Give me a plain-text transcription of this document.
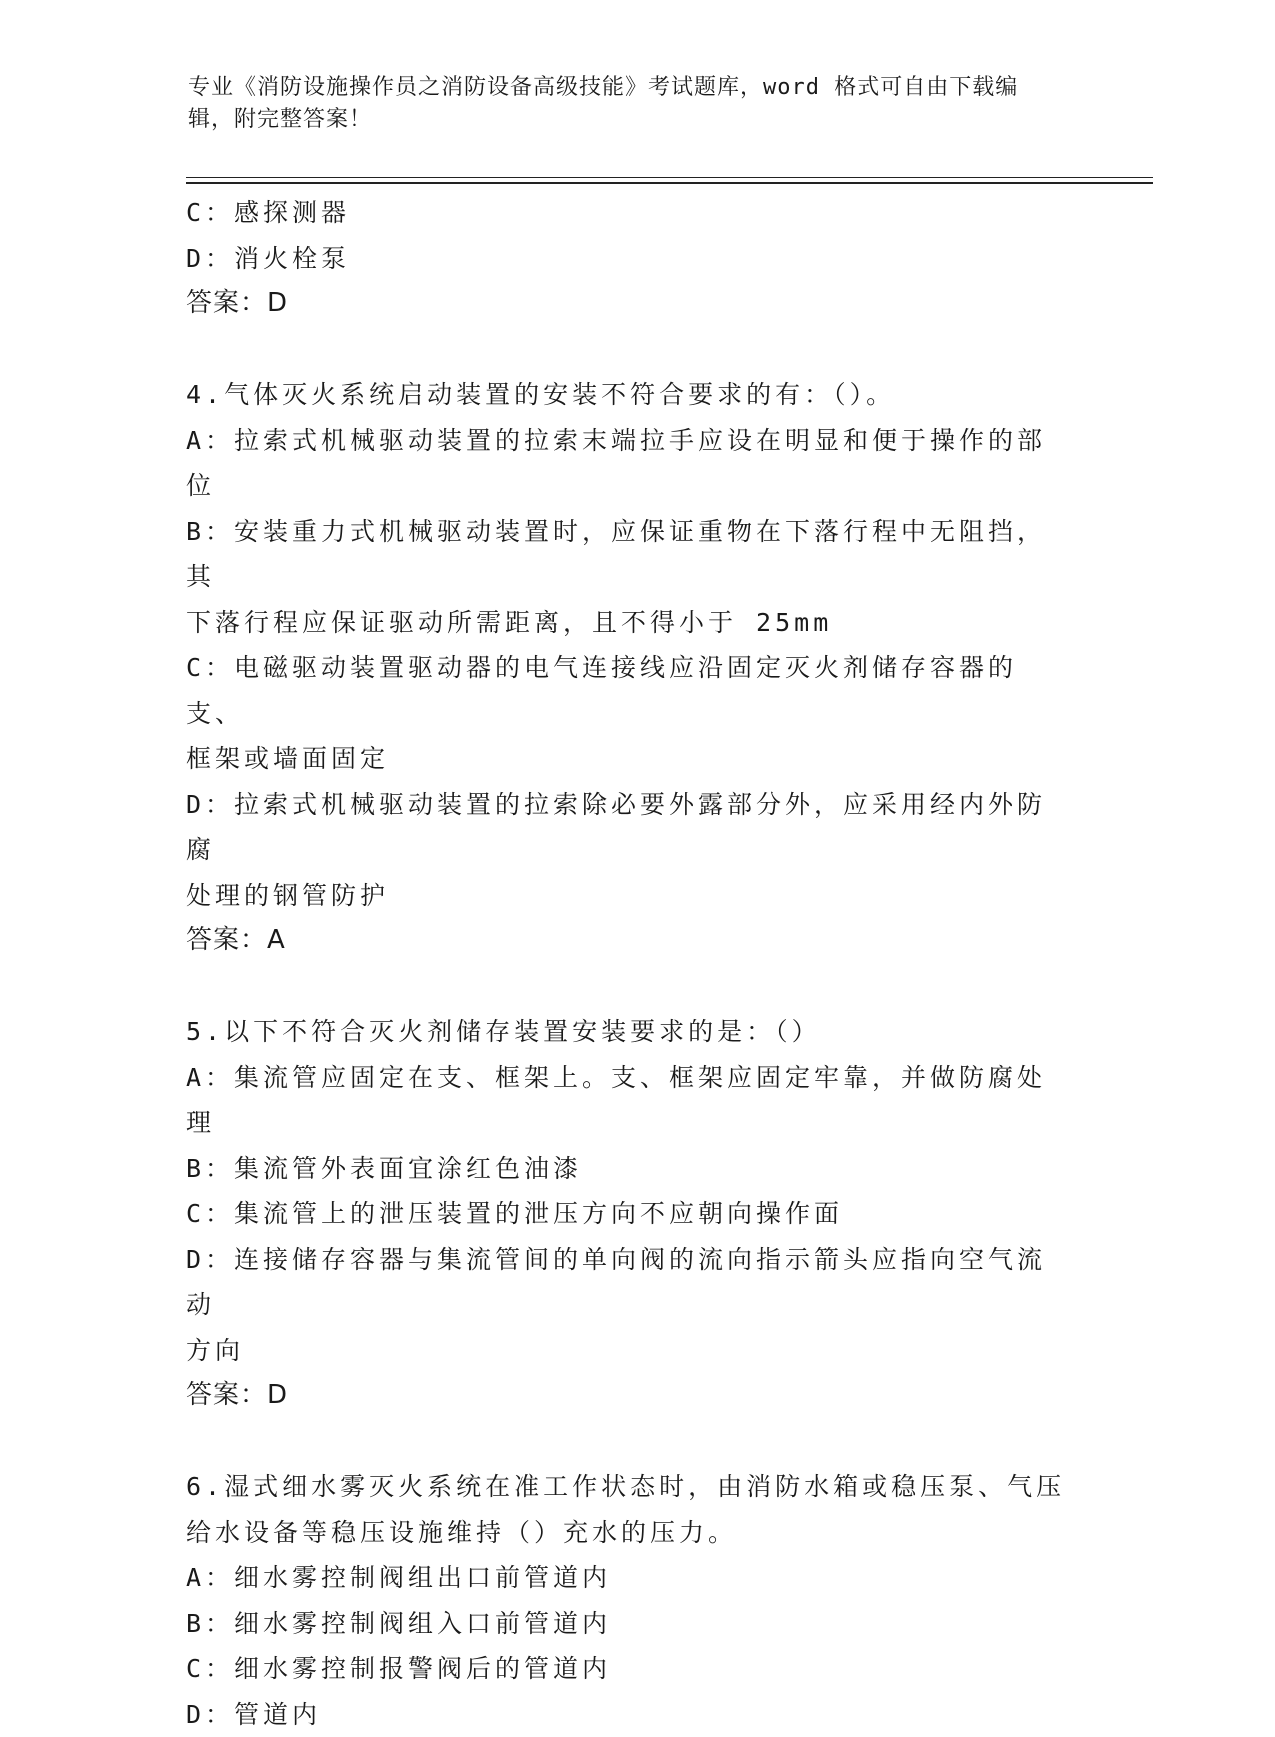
专业《消防设施操作员之消防设备高级技能》考试题库，word 格式可自由下载编
辑，附完整答案！

C：感探测器

D：消火栓泵

答案：D

4.气体灭火系统启动装置的安装不符合要求的有：（）。

A：拉索式机械驱动装置的拉索末端拉手应设在明显和便于操作的部位

B：安装重力式机械驱动装置时，应保证重物在下落行程中无阻挡，其

下落行程应保证驱动所需距离，且不得小于 25mm

C：电磁驱动装置驱动器的电气连接线应沿固定灭火剂储存容器的支、

框架或墙面固定

D：拉索式机械驱动装置的拉索除必要外露部分外，应采用经内外防腐

处理的钢管防护

答案：A

5.以下不符合灭火剂储存装置安装要求的是：（）

A：集流管应固定在支、框架上。支、框架应固定牢靠，并做防腐处理

B：集流管外表面宜涂红色油漆

C：集流管上的泄压装置的泄压方向不应朝向操作面

D：连接储存容器与集流管间的单向阀的流向指示箭头应指向空气流动

方向

答案：D

6.湿式细水雾灭火系统在准工作状态时，由消防水箱或稳压泵、气压

给水设备等稳压设施维持（）充水的压力。

A：细水雾控制阀组出口前管道内

B：细水雾控制阀组入口前管道内

C：细水雾控制报警阀后的管道内

D：管道内
